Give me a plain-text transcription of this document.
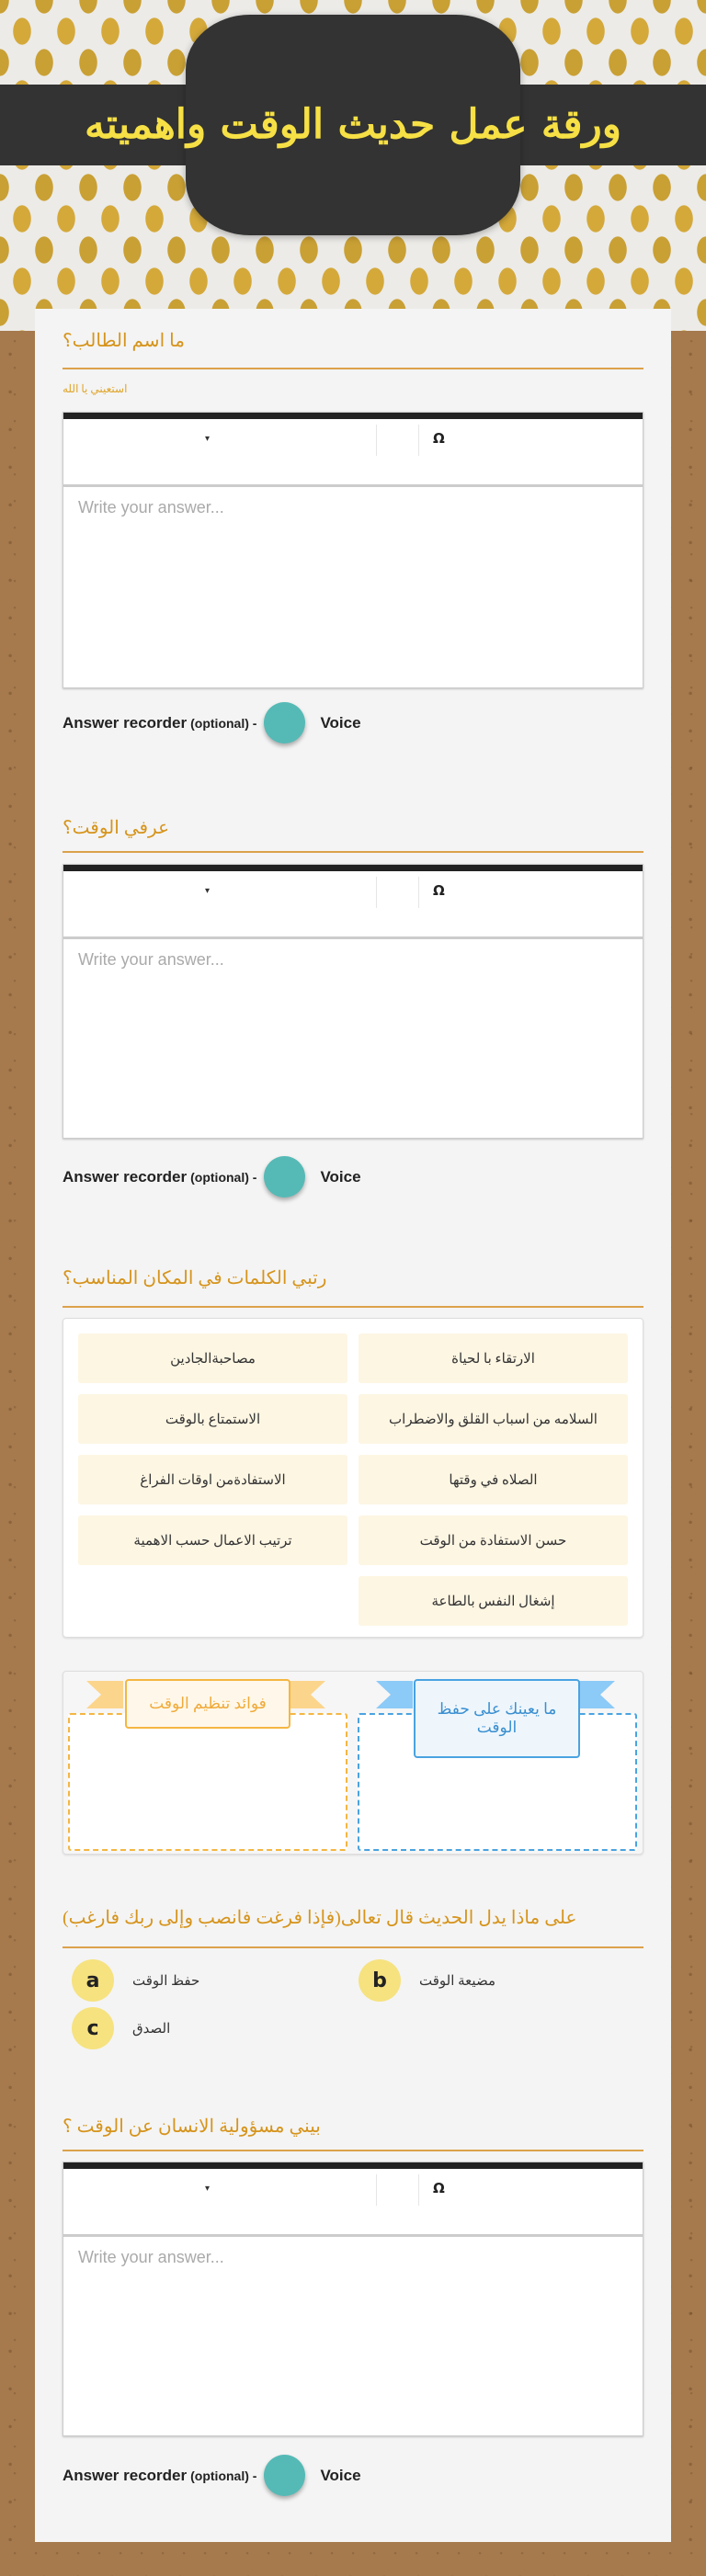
ورقة عمل حديث الوقت واهميته
ما اسم الطالب؟
استعيني يا الله
▾	Ω
Write your answer...
Answer recorder (optional) -	Voice
عرفي الوقت؟
▾	Ω
Write your answer...
Answer recorder (optional) -	Voice
رتبي الكلمات في المكان المناسب؟
الارتقاء با لحياة
مصاحبةالجادين
السلامه من اسباب القلق والاضطراب
الاستمتاع بالوقت
الصلاه في وقتها
الاستفادةمن اوقات الفراغ
حسن الاستفادة من الوقت
ترتيب الاعمال حسب الاهمية
إشغال النفس بالطاعة
فوائد تنظيم الوقت	ما يعينك على حفظ الوقت
على ماذا يدل الحديث قال تعالى(فإذا فرغت فانصب وإلى ربك فارغب)
a	حفظ الوقت	b	مضيعة الوقت
c	الصدق
بيني مسؤولية الانسان عن الوقت ؟
▾	Ω
Write your answer...
Answer recorder (optional) -	Voice
